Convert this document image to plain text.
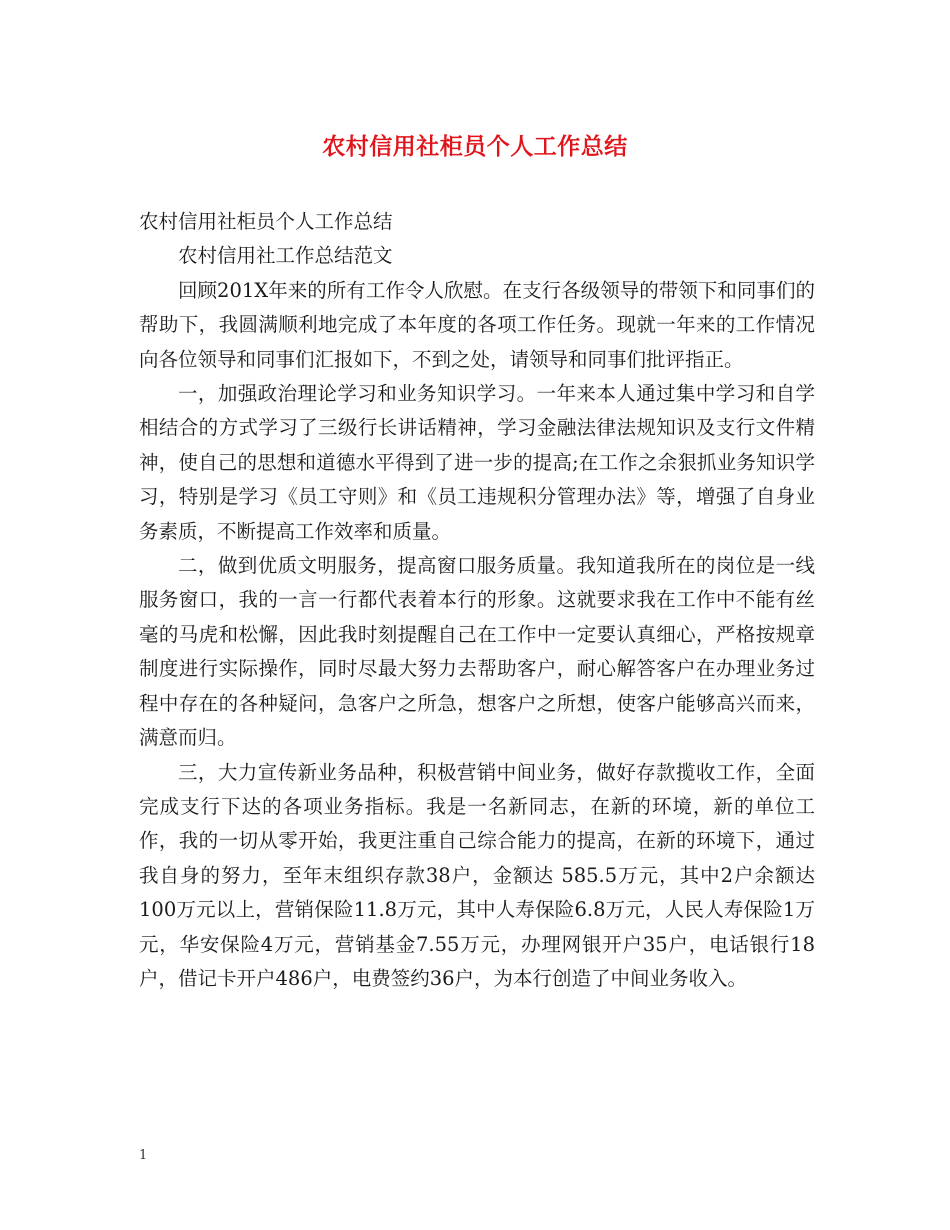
农村信用社柜员个人工作总结

农村信用社柜员个人工作总结

农村信用社工作总结范文

回顾201X年来的所有工作令人欣慰。在支行各级领导的带领下和同事们的帮助下，我圆满顺利地完成了本年度的各项工作任务。现就一年来的工作情况向各位领导和同事们汇报如下，不到之处，请领导和同事们批评指正。

一，加强政治理论学习和业务知识学习。一年来本人通过集中学习和自学相结合的方式学习了三级行长讲话精神，学习金融法律法规知识及支行文件精神，使自己的思想和道德水平得到了进一步的提高;在工作之余狠抓业务知识学习，特别是学习《员工守则》和《员工违规积分管理办法》等，增强了自身业务素质，不断提高工作效率和质量。

二，做到优质文明服务，提高窗口服务质量。我知道我所在的岗位是一线服务窗口，我的一言一行都代表着本行的形象。这就要求我在工作中不能有丝毫的马虎和松懈，因此我时刻提醒自己在工作中一定要认真细心，严格按规章制度进行实际操作，同时尽最大努力去帮助客户，耐心解答客户在办理业务过程中存在的各种疑问，急客户之所急，想客户之所想，使客户能够高兴而来，满意而归。

三，大力宣传新业务品种，积极营销中间业务，做好存款揽收工作，全面完成支行下达的各项业务指标。我是一名新同志，在新的环境，新的单位工作，我的一切从零开始，我更注重自己综合能力的提高，在新的环境下，通过我自身的努力，至年末组织存款38户，金额达 585.5万元，其中2户余额达100万元以上，营销保险11.8万元，其中人寿保险6.8万元，人民人寿保险1万元，华安保险4万元，营销基金7.55万元，办理网银开户35户，电话银行18户，借记卡开户486户，电费签约36户，为本行创造了中间业务收入。

1
